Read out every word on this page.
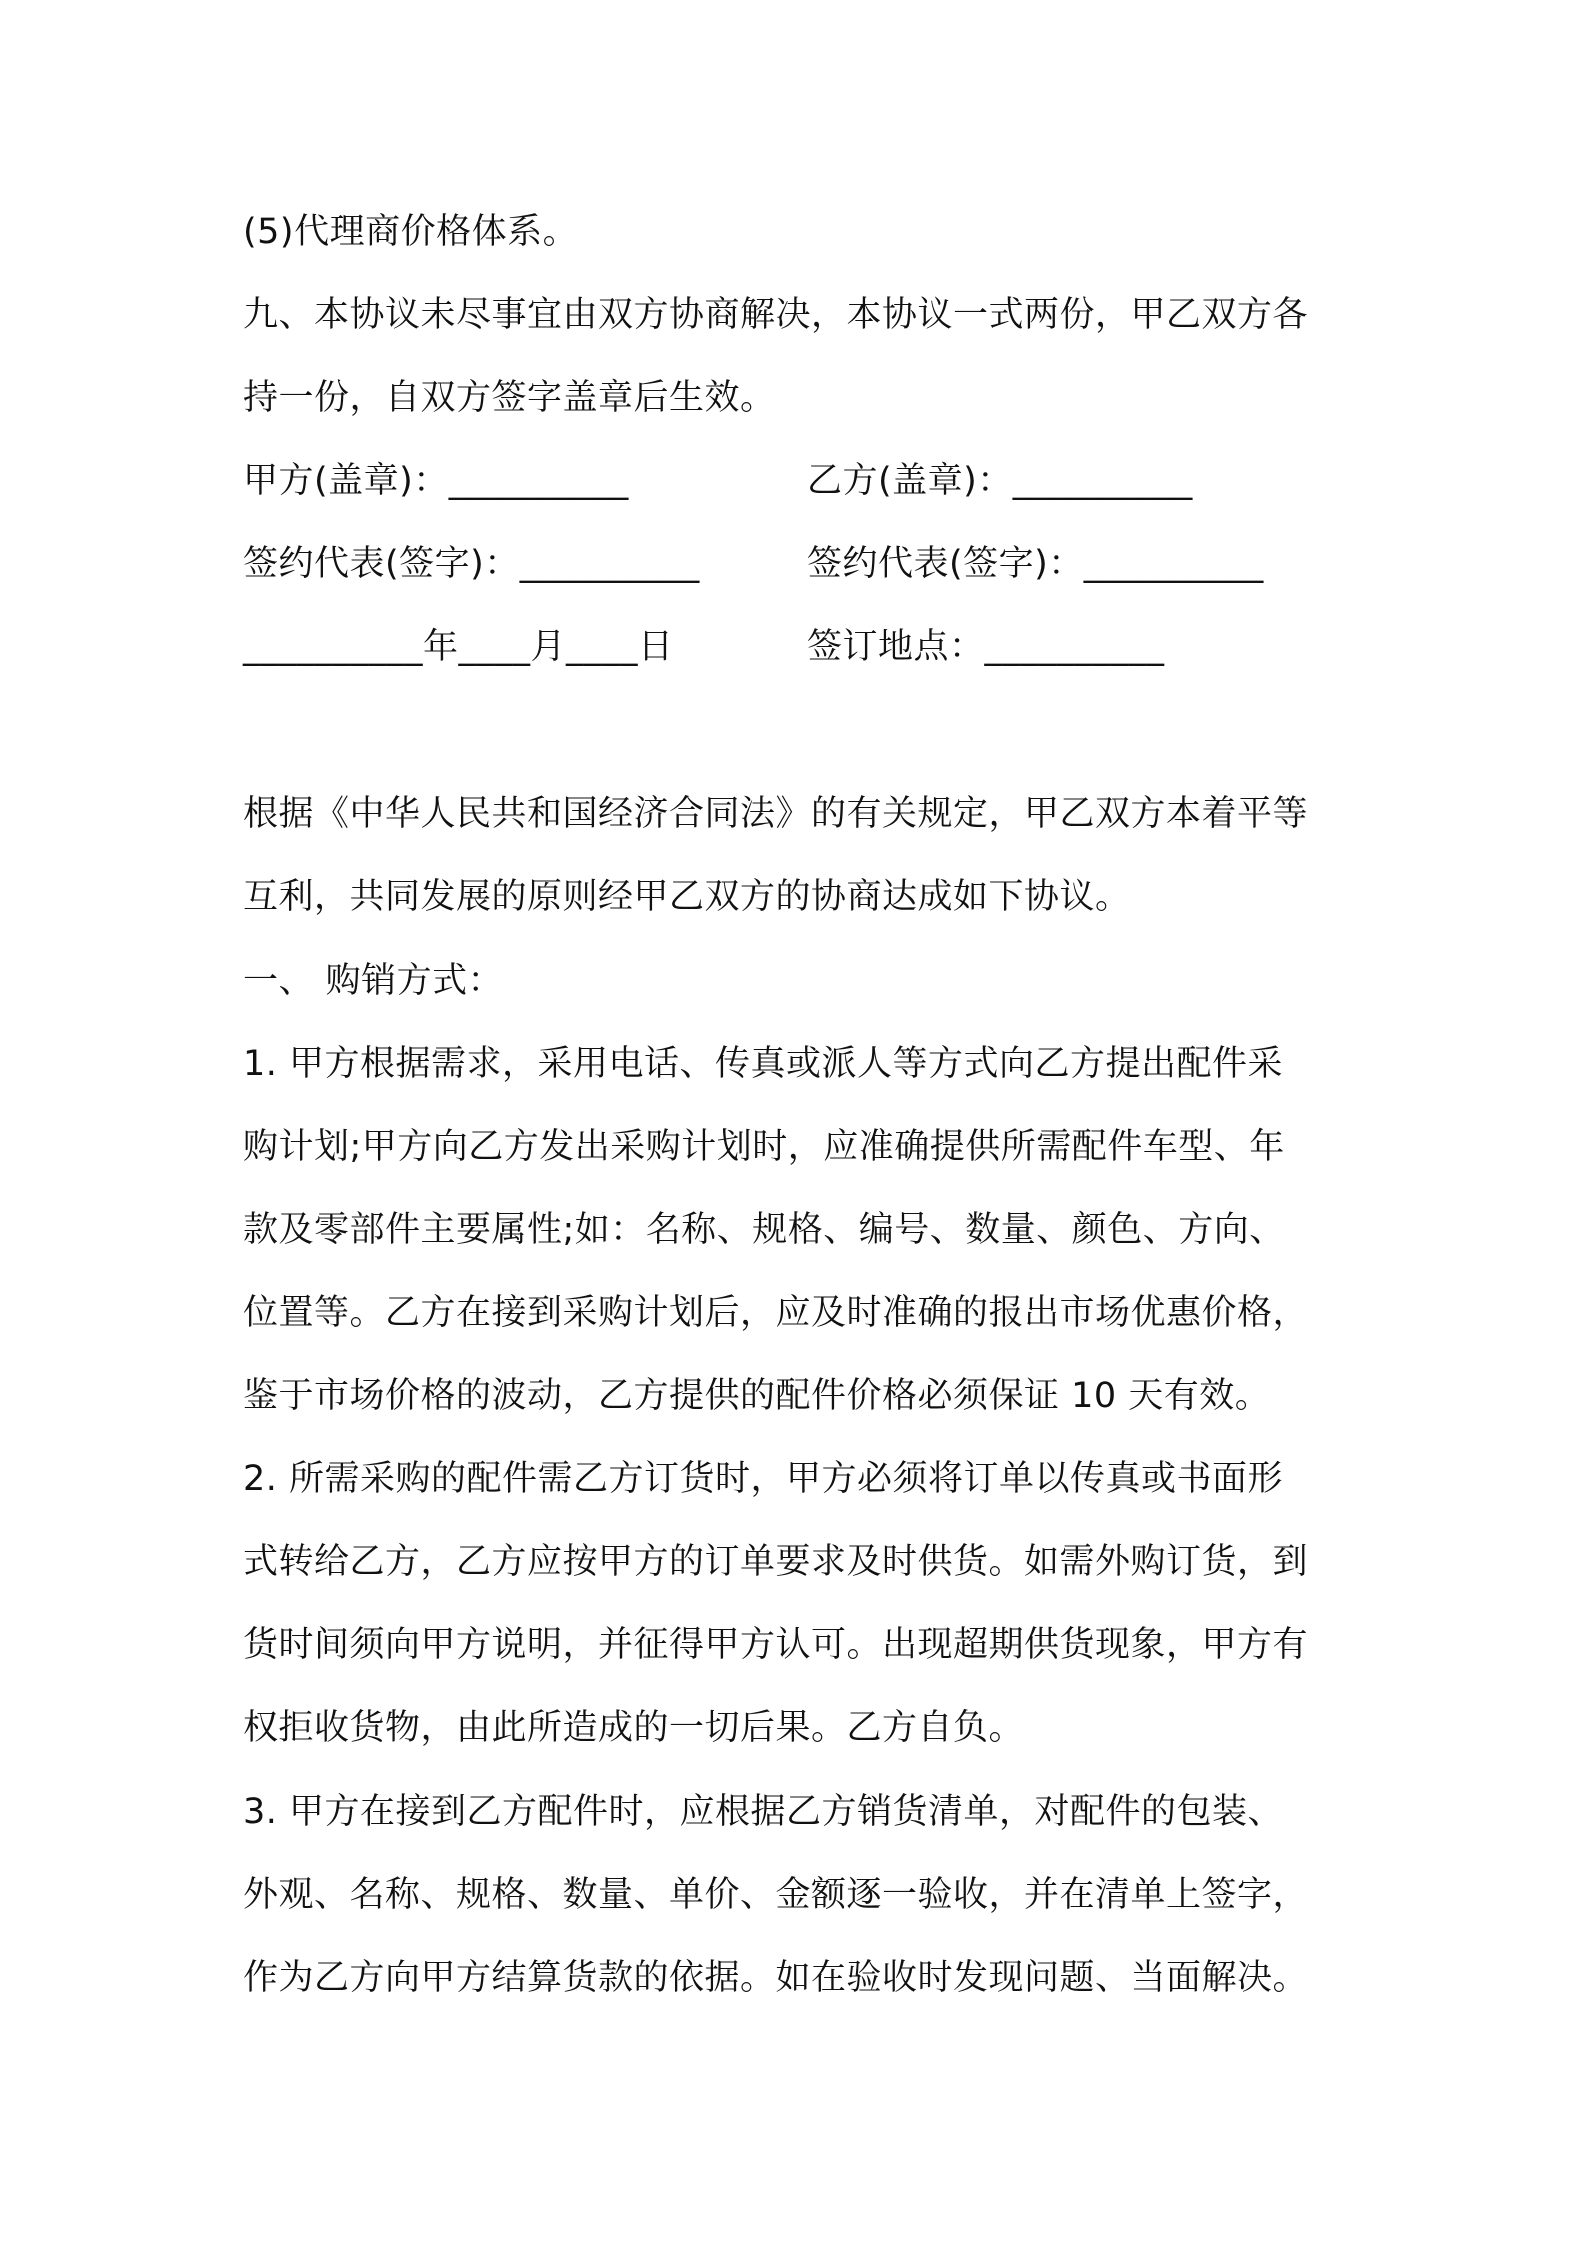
(5)代理商价格体系。
九、本协议未尽事宜由双方协商解决，本协议一式两份，甲乙双方各
持一份，自双方签字盖章后生效。
甲方(盖章)：__________	乙方(盖章)：__________
签约代表(签字)：__________	签约代表(签字)：__________
__________年____月____日	签订地点：__________
根据《中华人民共和国经济合同法》的有关规定，甲乙双方本着平等
互利，共同发展的原则经甲乙双方的协商达成如下协议。
一、 购销方式：
1. 甲方根据需求，采用电话、传真或派人等方式向乙方提出配件采
购计划;甲方向乙方发出采购计划时，应准确提供所需配件车型、年
款及零部件主要属性;如：名称、规格、编号、数量、颜色、方向、
位置等。乙方在接到采购计划后，应及时准确的报出市场优惠价格，
鉴于市场价格的波动，乙方提供的配件价格必须保证 10 天有效。
2. 所需采购的配件需乙方订货时，甲方必须将订单以传真或书面形
式转给乙方，乙方应按甲方的订单要求及时供货。如需外购订货，到
货时间须向甲方说明，并征得甲方认可。出现超期供货现象，甲方有
权拒收货物，由此所造成的一切后果。乙方自负。
3. 甲方在接到乙方配件时，应根据乙方销货清单，对配件的包装、
外观、名称、规格、数量、单价、金额逐一验收，并在清单上签字，
作为乙方向甲方结算货款的依据。如在验收时发现问题、当面解决。
